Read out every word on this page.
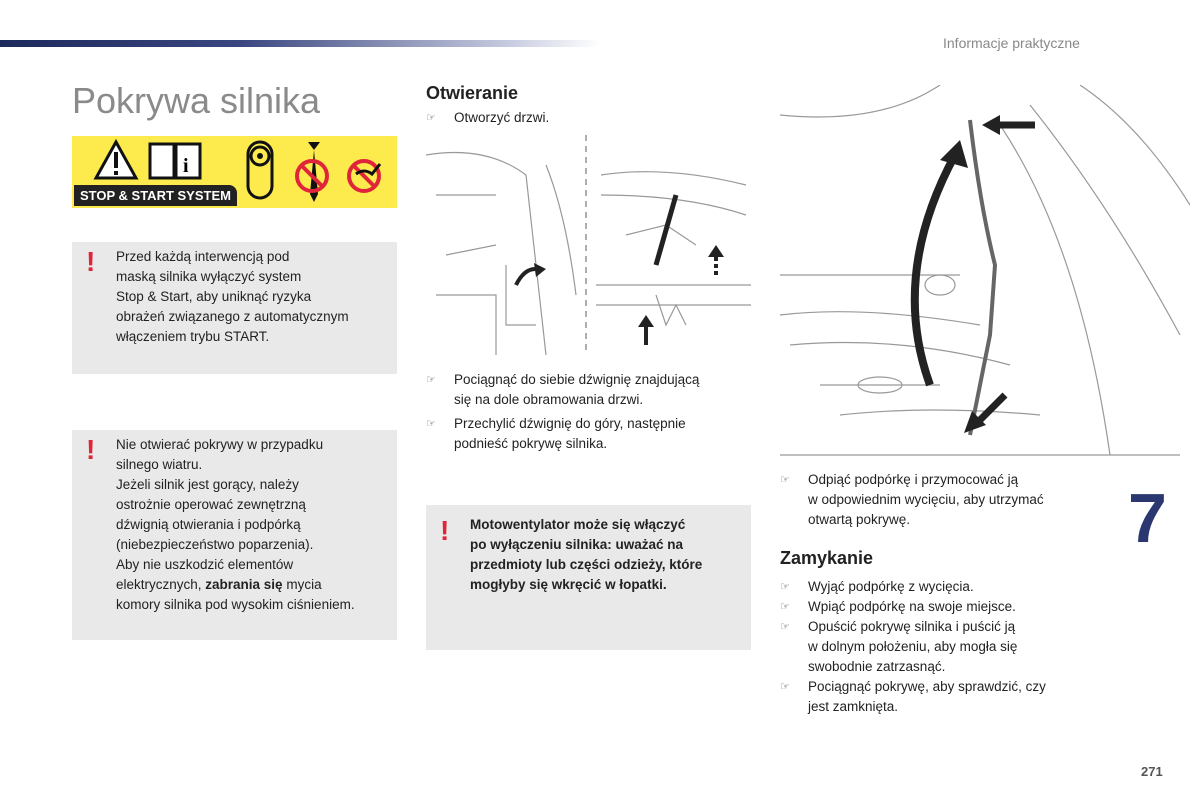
Informacje praktyczne
Pokrywa silnika
i
STOP & START SYSTEM
! Przed każdą interwencją pod
maską silnika wyłączyć system
Stop & Start, aby uniknąć ryzyka
obrażeń związanego z automatycznym
włączeniem trybu START.
! Nie otwierać pokrywy w przypadku
silnego wiatru.
Jeżeli silnik jest gorący, należy
ostrożnie operować zewnętrzną
dźwignią otwierania i podpórką
(niebezpieczeństwo poparzenia).
Aby nie uszkodzić elementów
elektrycznych, zabrania się mycia
komory silnika pod wysokim ciśnieniem.
Otwieranie
☞ Otworzyć drzwi.
☞ Pociągnąć do siebie dźwignię znajdującą
się na dole obramowania drzwi.
☞ Przechylić dźwignię do góry, następnie
podnieść pokrywę silnika.
! Motowentylator może się włączyć
po wyłączeniu silnika: uważać na
przedmioty lub części odzieży, które
mogłyby się wkręcić w łopatki.
☞ Odpiąć podpórkę i przymocować ją
w odpowiednim wycięciu, aby utrzymać
otwartą pokrywę.
Zamykanie
☞ Wyjąć podpórkę z wycięcia.
☞ Wpiąć podpórkę na swoje miejsce.
☞ Opuścić pokrywę silnika i puścić ją
w dolnym położeniu, aby mogła się
swobodnie zatrzasnąć.
☞ Pociągnąć pokrywę, aby sprawdzić, czy
jest zamknięta.
7
271
